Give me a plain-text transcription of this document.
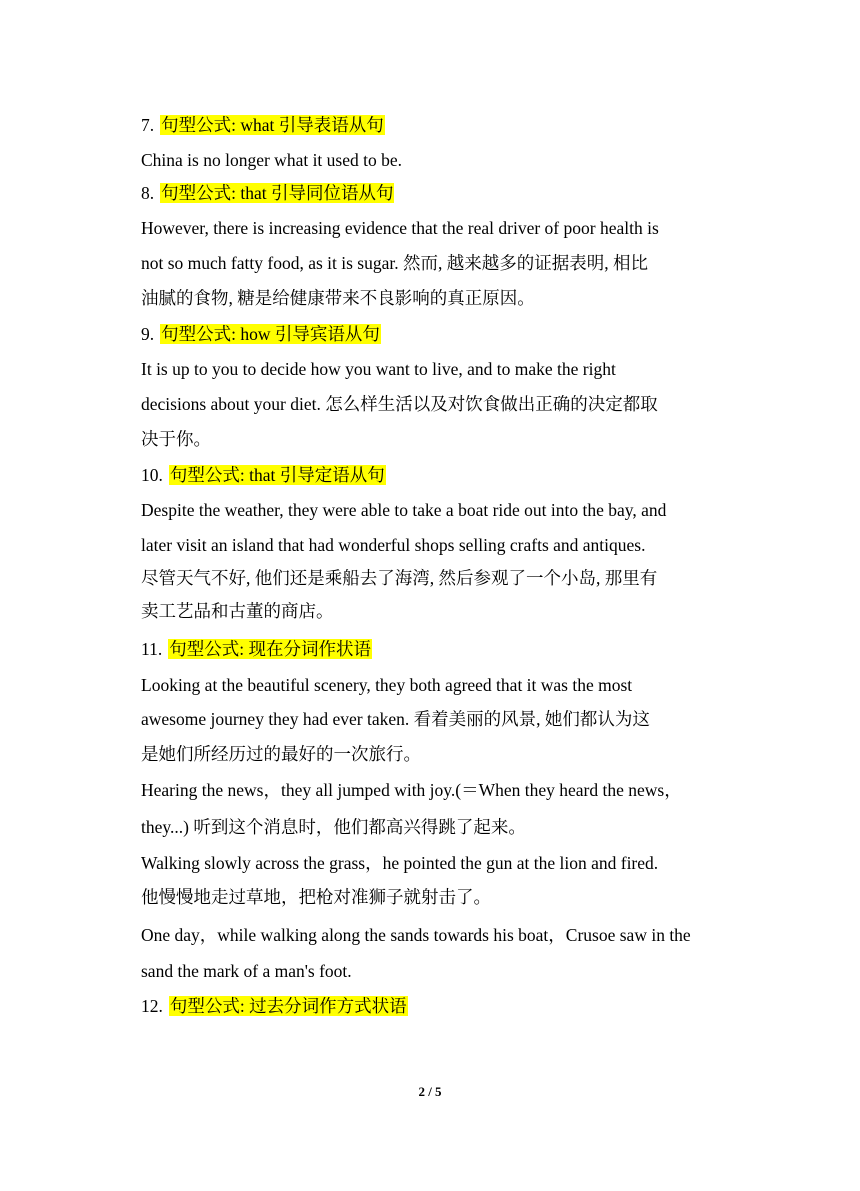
7. 句型公式: what 引导表语从句
China is no longer what it used to be.
8. 句型公式: that 引导同位语从句
However, there is increasing evidence that the real driver of poor health is
not so much fatty food, as it is sugar. 然而, 越来越多的证据表明, 相比
油腻的食物, 糖是给健康带来不良影响的真正原因。
9. 句型公式: how 引导宾语从句
It is up to you to decide how you want to live, and to make the right
decisions about your diet. 怎么样生活以及对饮食做出正确的决定都取
决于你。
10. 句型公式: that 引导定语从句
Despite the weather, they were able to take a boat ride out into the bay, and
later visit an island that had wonderful shops selling crafts and antiques.
尽管天气不好, 他们还是乘船去了海湾, 然后参观了一个小岛, 那里有
卖工艺品和古董的商店。
11. 句型公式: 现在分词作状语
Looking at the beautiful scenery, they both agreed that it was the most
awesome journey they had ever taken. 看着美丽的风景, 她们都认为这
是她们所经历过的最好的一次旅行。
Hearing the news，they all jumped with joy.(＝When they heard the news，
they...) 听到这个消息时，他们都高兴得跳了起来。
Walking slowly across the grass，he pointed the gun at the lion and fired.
他慢慢地走过草地，把枪对准狮子就射击了。
One day，while walking along the sands towards his boat，Crusoe saw in the
sand the mark of a man's foot.
12. 句型公式: 过去分词作方式状语
2 / 5
